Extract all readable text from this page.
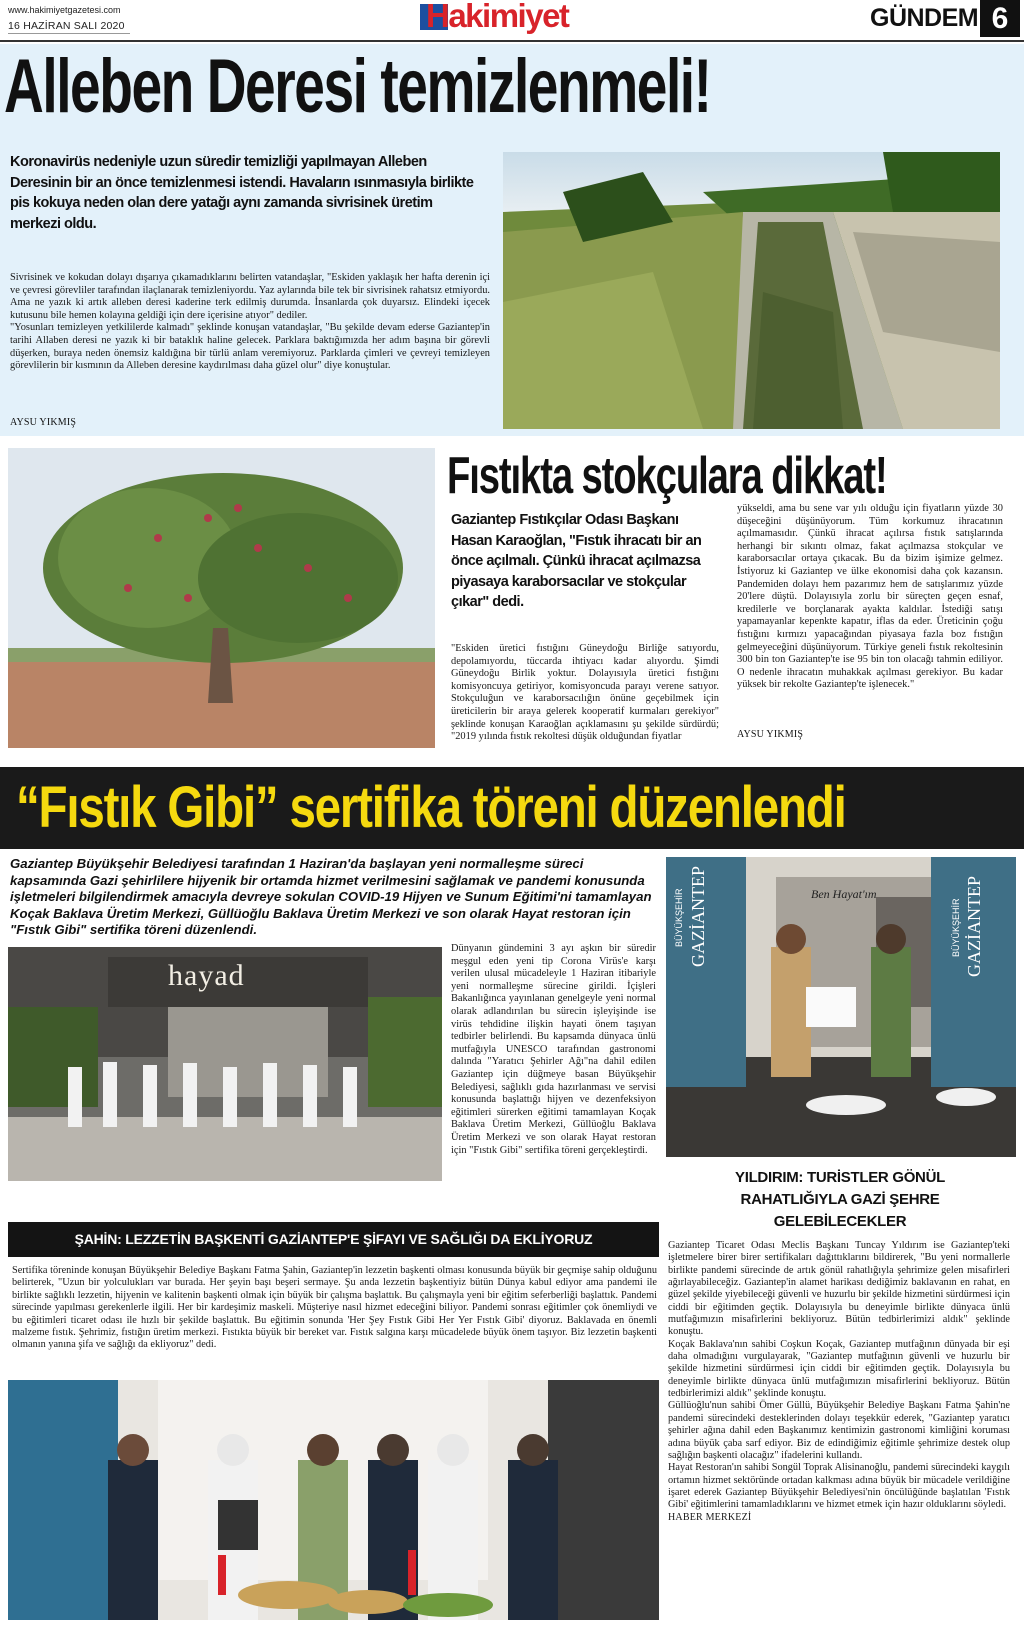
www.hakimiyetgazetesi.com
16 HAZİRAN SALI 2020	Hakimiyet	GÜNDEM 6
Alleben Deresi temizlenmeli!
Koronavirüs nedeniyle uzun süredir temizliği yapılmayan Alleben Deresinin bir an önce temizlenmesi istendi. Havaların ısınmasıyla birlikte pis kokuya neden olan dere yatağı aynı zamanda sivrisinek üretim merkezi oldu.

Sivrisinek ve kokudan dolayı dışarıya çıkamadıklarını belirten vatandaşlar, "Eskiden yaklaşık her hafta derenin içi ve çevresi görevliler tarafından ilaçlanarak temizleniyordu. Yaz aylarında bile tek bir sivrisinek rahatsız etmiyordu. Ama ne yazık ki artık alleben deresi kaderine terk edilmiş durumda. İnsanlarda çok duyarsız. Elindeki içecek kutusunu bile hemen kolayına geldiği için dere içerisine atıyor" dediler.

"Yosunları temizleyen yetkililerde kalmadı" şeklinde konuşan vatandaşlar, "Bu şekilde devam ederse Gaziantep'in tarihi Allaben deresi ne yazık ki bir bataklık haline gelecek. Parklara baktığımızda her adım başına bir görevli düşerken, buraya neden önemsiz kaldığına bir türlü anlam veremiyoruz. Parklarda çimleri ve çevreyi temizleyen görevlilerin bir kısmının da Alleben deresine kaydırılması daha güzel olur" diye konuştular.

AYSU YIKMIŞ
Fıstıkta stokçulara dikkat!
Gaziantep Fıstıkçılar Odası Başkanı Hasan Karaoğlan, "Fıstık ihracatı bir an önce açılmalı. Çünkü ihracat açılmazsa piyasaya karaborsacılar ve stokçular çıkar" dedi.
"Eskiden üretici fıstığını Güneydoğu Birliğe satıyordu, depolamıyordu, tüccarda ihtiyacı kadar alıyordu. Şimdi Güneydoğu Birlik yoktur. Dolayısıyla üretici fıstığını komisyoncuya getiriyor, komisyoncuda parayı verene satıyor. Stokçuluğun ve karaborsacılığın önüne geçebilmek için üreticilerin bir araya gelerek kooperatif kurmaları gerekiyor" şeklinde konuşan Karaoğlan açıklamasını şu şekilde sürdürdü; "2019 yılında fıstık rekoltesi düşük olduğundan fiyatlar
yükseldi, ama bu sene var yılı olduğu için fiyatların yüzde 30 düşeceğini düşünüyorum. Tüm korkumuz ihracatının açılmamasıdır. Çünkü ihracat açılırsa fıstık satışlarında herhangi bir sıkıntı olmaz, fakat açılmazsa stokçular ve karaborsacılar ortaya çıkacak. Bu da bizim işimize gelmez. İstiyoruz ki Gaziantep ve ülke ekonomisi daha çok kazansın. Pandemiden dolayı hem pazarımız hem de satışlarımız yüzde 20'lere düştü. Dolayısıyla zorlu bir süreçten geçen esnaf, kredilerle ve borçlanarak ayakta kaldılar. İstediği satışı yapamayanlar kepenkte kapatır, iflas da eder. Üreticinin çoğu fıstığını kırmızı yapacağından piyasaya fazla boz fıstığın gelmeyeceğini düşünüyorum. Türkiye geneli fıstık rekoltesinin 300 bin ton Gaziantep'te ise 95 bin ton olacağı tahmin ediliyor. O nedenle ihracatın muhakkak açılması gerekiyor. Bu kadar yüksek bir rekolte Gaziantep'te işlenecek."
AYSU YIKMIŞ
“Fıstık Gibi” sertifika töreni düzenlendi
Gaziantep Büyükşehir Belediyesi tarafından 1 Haziran'da başlayan yeni normalleşme süreci kapsamında Gazi şehirlilere hijyenik bir ortamda hizmet verilmesini sağlamak ve pandemi konusunda işletmeleri bilgilendirmek amacıyla devreye sokulan COVID-19 Hijyen ve Sunum Eğitimi'ni tamamlayan Koçak Baklava Üretim Merkezi, Güllüoğlu Baklava Üretim Merkezi ve son olarak Hayat restoran için "Fıstık Gibi" sertifika töreni düzenlendi.
hayad
Dünyanın gündemini 3 ayı aşkın bir süredir meşgul eden yeni tip Corona Virüs'e karşı verilen ulusal mücadeleyle 1 Haziran itibariyle yeni normalleşme sürecine girildi. İçişleri Bakanlığınca yayınlanan genelgeyle yeni normal olarak adlandırılan bu sürecin işleyişinde ise virüs tehdidine ilişkin hayati önem taşıyan tedbirler belirlendi. Bu kapsamda dünyaca ünlü mutfağıyla UNESCO tarafından gastronomi dalında "Yaratıcı Şehirler Ağı"na dahil edilen Gaziantep için düğmeye basan Büyükşehir Belediyesi, sağlıklı gıda hazırlanması ve servisi konusunda başlattığı hijyen ve dezenfeksiyon eğitimleri sürerken eğitimi tamamlayan Koçak Baklava Üretim Merkezi, Güllüoğlu Baklava Üretim Merkezi ve son olarak Hayat restoran için "Fıstık Gibi" sertifika töreni gerçekleştirdi.
Ben Hayat'ım
BÜYÜKŞEHİR GAZİANTEP	BÜYÜKŞEHİR GAZİANTEP
YILDIRIM: TURİSTLER GÖNÜL RAHATLIĞIYLA GAZİ ŞEHRE GELEBİLECEKLER
ŞAHİN: LEZZETİN BAŞKENTİ GAZİANTEP'E ŞİFAYI VE SAĞLIĞI DA EKLİYORUZ
Sertifika töreninde konuşan Büyükşehir Belediye Başkanı Fatma Şahin, Gaziantep'in lezzetin başkenti olması konusunda büyük bir geçmişe sahip olduğunu belirterek, "Uzun bir yolculukları var burada. Her şeyin başı beşeri sermaye. Şu anda lezzetin başkentiyiz bütün Dünya kabul ediyor ama pandemi ile birlikte sağlıklı lezzetin, hijyenin ve kalitenin başkenti olmak için büyük bir çalışma başlattık. Bu çalışmayla yeni bir eğitim seferberliği başlattık. Pandemi sürecinde yapılması gerekenlerle ilgili. Her bir kardeşimiz maskeli. Müşteriye nasıl hizmet edeceğini biliyor. Pandemi sonrası eğitimler çok önemliydi ve bu eğitimleri ticaret odası ile hızlı bir şekilde başlattık. Bu eğitimin sonunda 'Her Şey Fıstık Gibi Her Yer Fıstık Gibi' diyoruz. Baklavada en önemli malzeme fıstık. Şehrimiz, fıstığın üretim merkezi. Fıstıkta büyük bir bereket var. Fıstık salgına karşı mücadelede büyük önem taşıyor. Biz lezzetin başkenti olmanın yanına şifa ve sağlığı da ekliyoruz" dedi.

Gaziantep Ticaret Odası Meclis Başkanı Tuncay Yıldırım ise Gaziantep'teki işletmelere birer birer sertifikaları dağıttıklarını bildirerek, "Bu yeni normallerle birlikte pandemi sürecinde de artık gönül rahatlığıyla şehrimize gelen misafirleri ağırlayabileceğiz. Gaziantep'in alamet harikası dediğimiz baklavanın en rahat, en güzel şekilde yiyebileceği güvenli ve huzurlu bir şekilde hizmetini sürdürmesi için ciddi bir eğitimden geçtik. Dolayısıyla bu deneyimle birlikte dünyaca ünlü mutfağımızın misafirlerini bekliyoruz. Bütün tedbirlerimizi aldık" şeklinde konuştu.

Koçak Baklava'nın sahibi Coşkun Koçak, Gaziantep mutfağının dünyada bir eşi daha olmadığını vurgulayarak, "Gaziantep mutfağının güvenli ve huzurlu bir şekilde hizmetini sürdürmesi için ciddi bir eğitimden geçtik. Dolayısıyla bu deneyimle birlikte dünyaca ünlü mutfağımızın misafirlerini bekliyoruz. Bütün tedbirlerimizi aldık" şeklinde konuştu.

Güllüoğlu'nun sahibi Ömer Güllü, Büyükşehir Belediye Başkanı Fatma Şahin'ne pandemi sürecindeki desteklerinden dolayı teşekkür ederek, "Gaziantep yaratıcı şehirler ağına dahil eden Başkanımız kentimizin gastronomi kimliğini koruması adına büyük çaba sarf ediyor. Biz de edindiğimiz eğitimle şehrimize destek olup sağlığın başkenti olacağız" ifadelerini kullandı.

Hayat Restoran'ın sahibi Songül Toprak Alisinanoğlu, pandemi sürecindeki kaygılı ortamın hizmet sektöründe ortadan kalkması adına büyük bir mücadele verildiğine işaret ederek Gaziantep Büyükşehir Belediyesi'nin öncülüğünde başlatılan 'Fıstık Gibi' eğitimlerini tamamladıklarını ve hizmet etmek için hazır olduklarını söyledi.

HABER MERKEZİ
